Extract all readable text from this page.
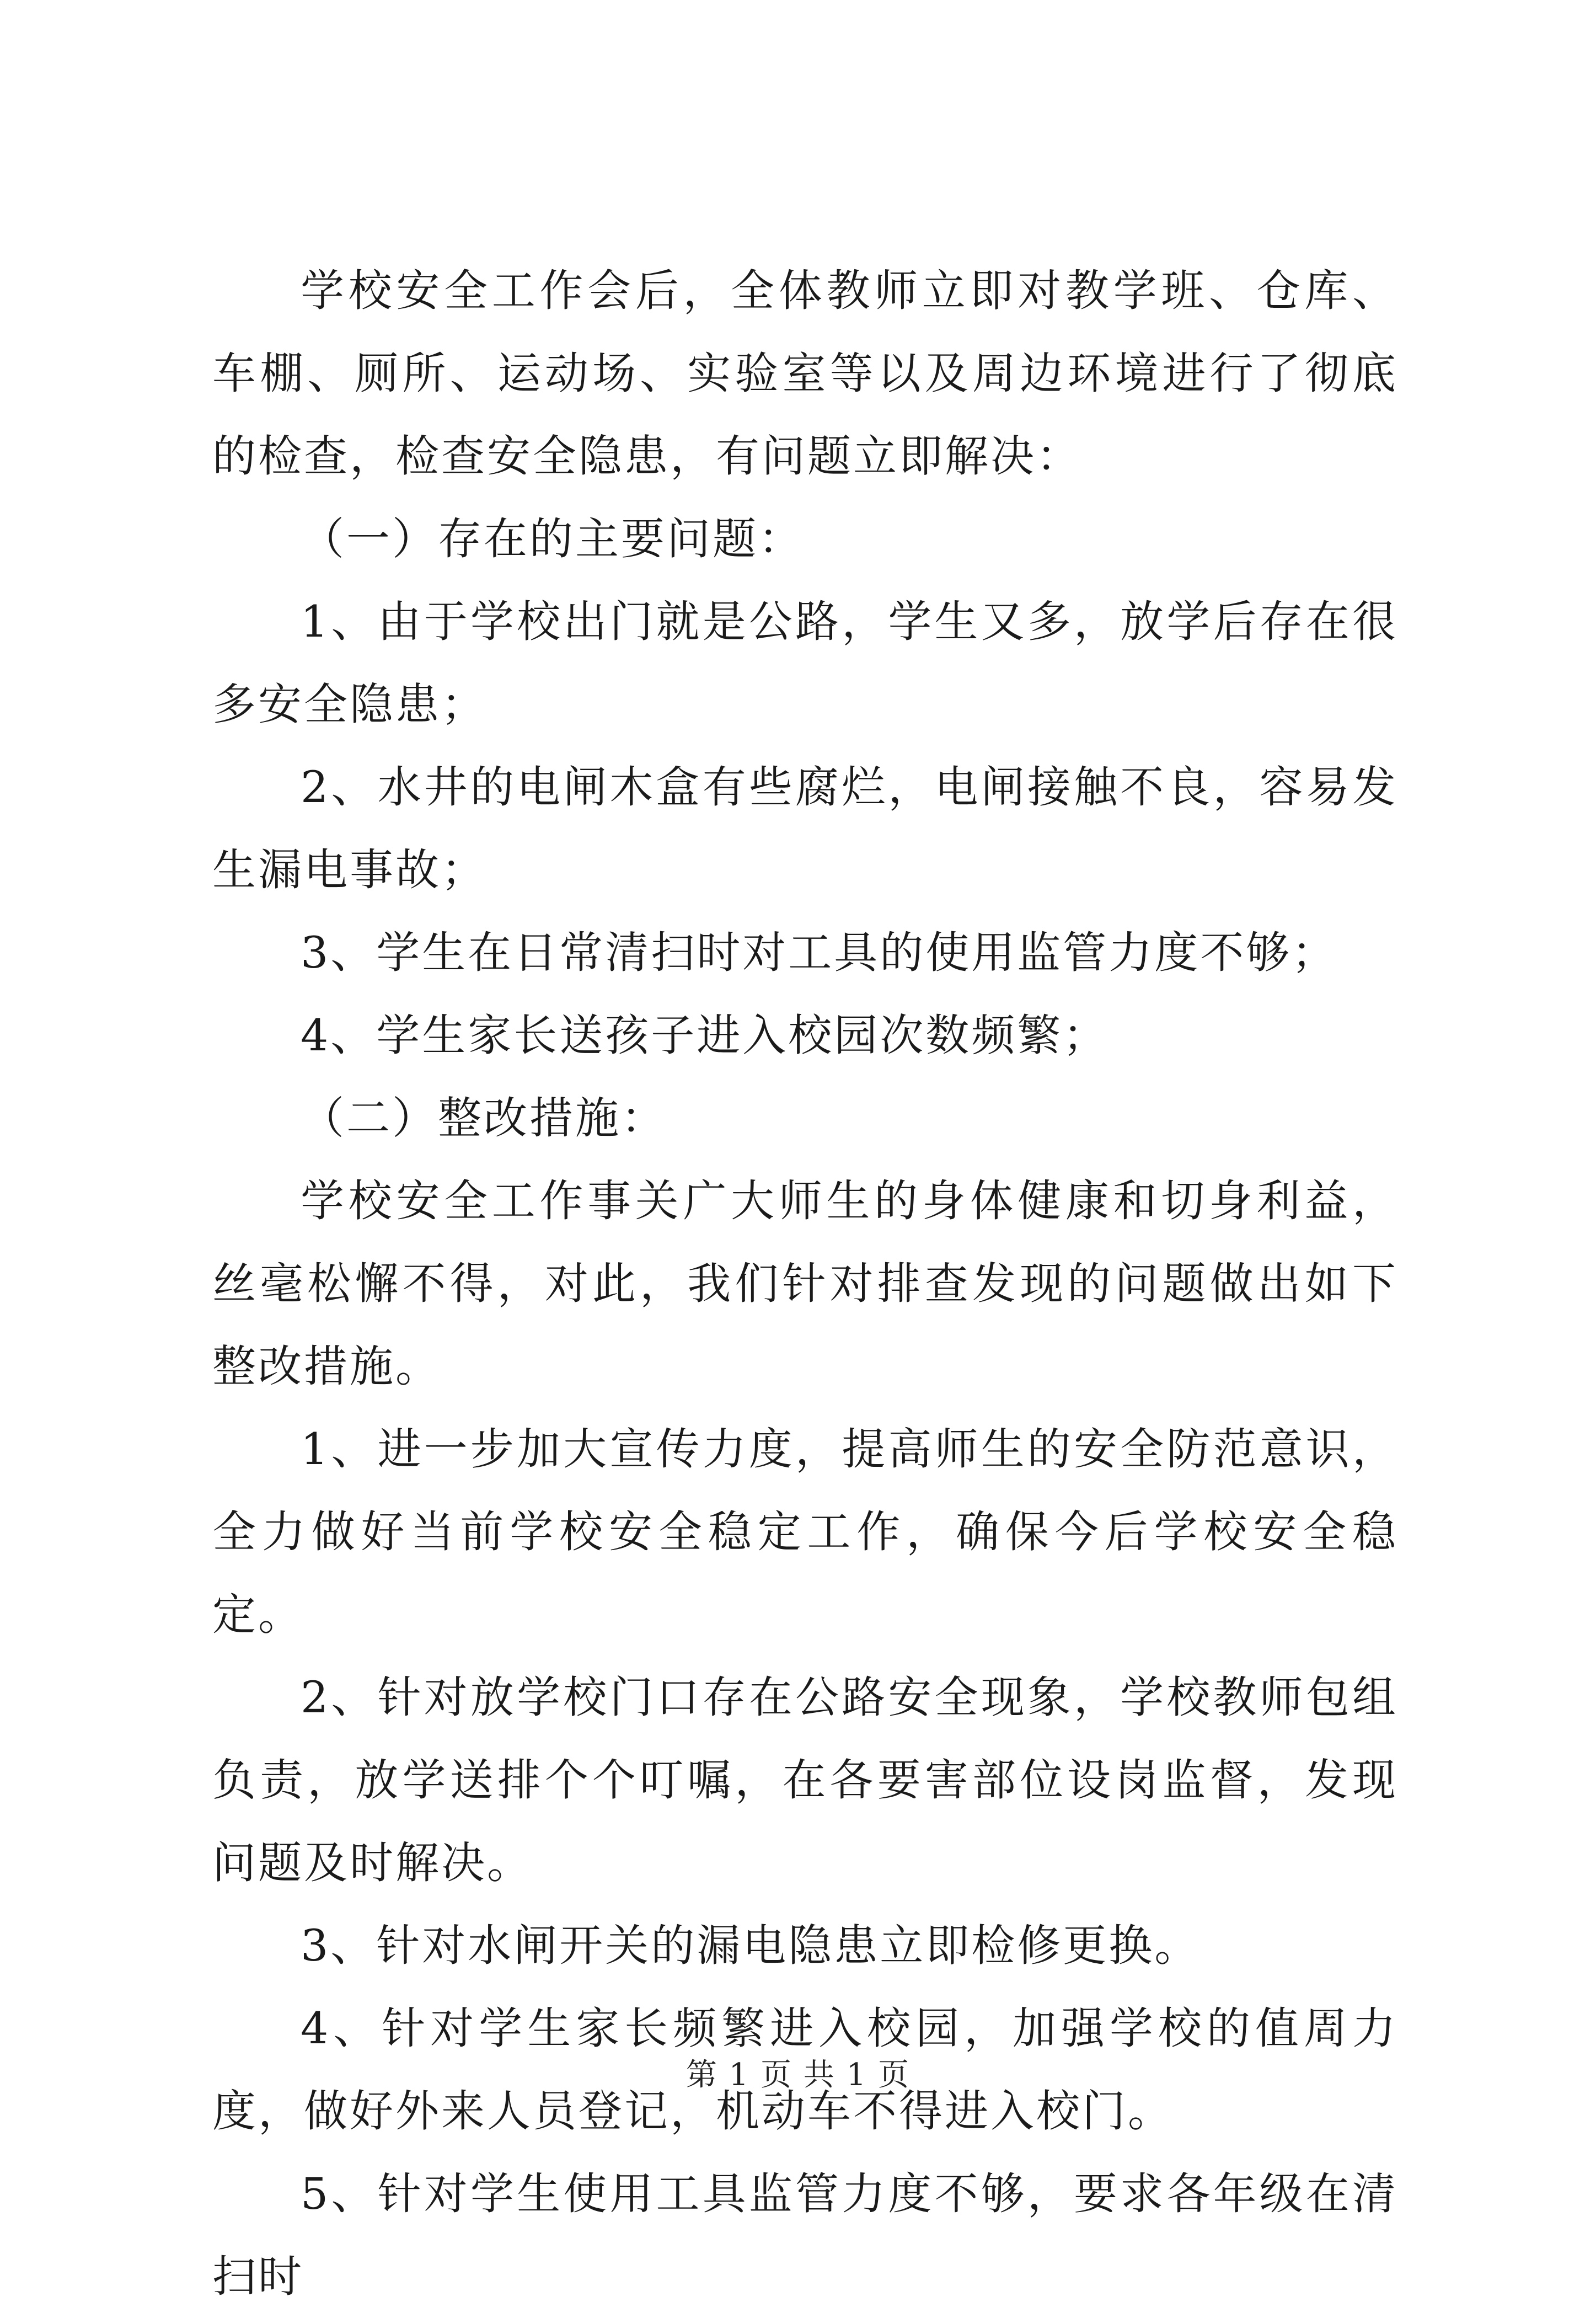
学校安全工作会后，全体教师立即对教学班、仓库、车棚、厕所、运动场、实验室等以及周边环境进行了彻底的检查，检查安全隐患，有问题立即解决：

（一）存在的主要问题：

1、由于学校出门就是公路，学生又多，放学后存在很多安全隐患；

2、水井的电闸木盒有些腐烂，电闸接触不良，容易发生漏电事故；

3、学生在日常清扫时对工具的使用监管力度不够；

4、学生家长送孩子进入校园次数频繁；

（二）整改措施：

学校安全工作事关广大师生的身体健康和切身利益，丝毫松懈不得，对此，我们针对排查发现的问题做出如下整改措施。

1、进一步加大宣传力度，提高师生的安全防范意识，全力做好当前学校安全稳定工作，确保今后学校安全稳定。

2、针对放学校门口存在公路安全现象，学校教师包组负责，放学送排个个叮嘱，在各要害部位设岗监督，发现问题及时解决。

3、针对水闸开关的漏电隐患立即检修更换。

4、针对学生家长频繁进入校园，加强学校的值周力度，做好外来人员登记，机动车不得进入校门。

5、针对学生使用工具监管力度不够，要求各年级在清扫时

第 1 页 共 1 页
